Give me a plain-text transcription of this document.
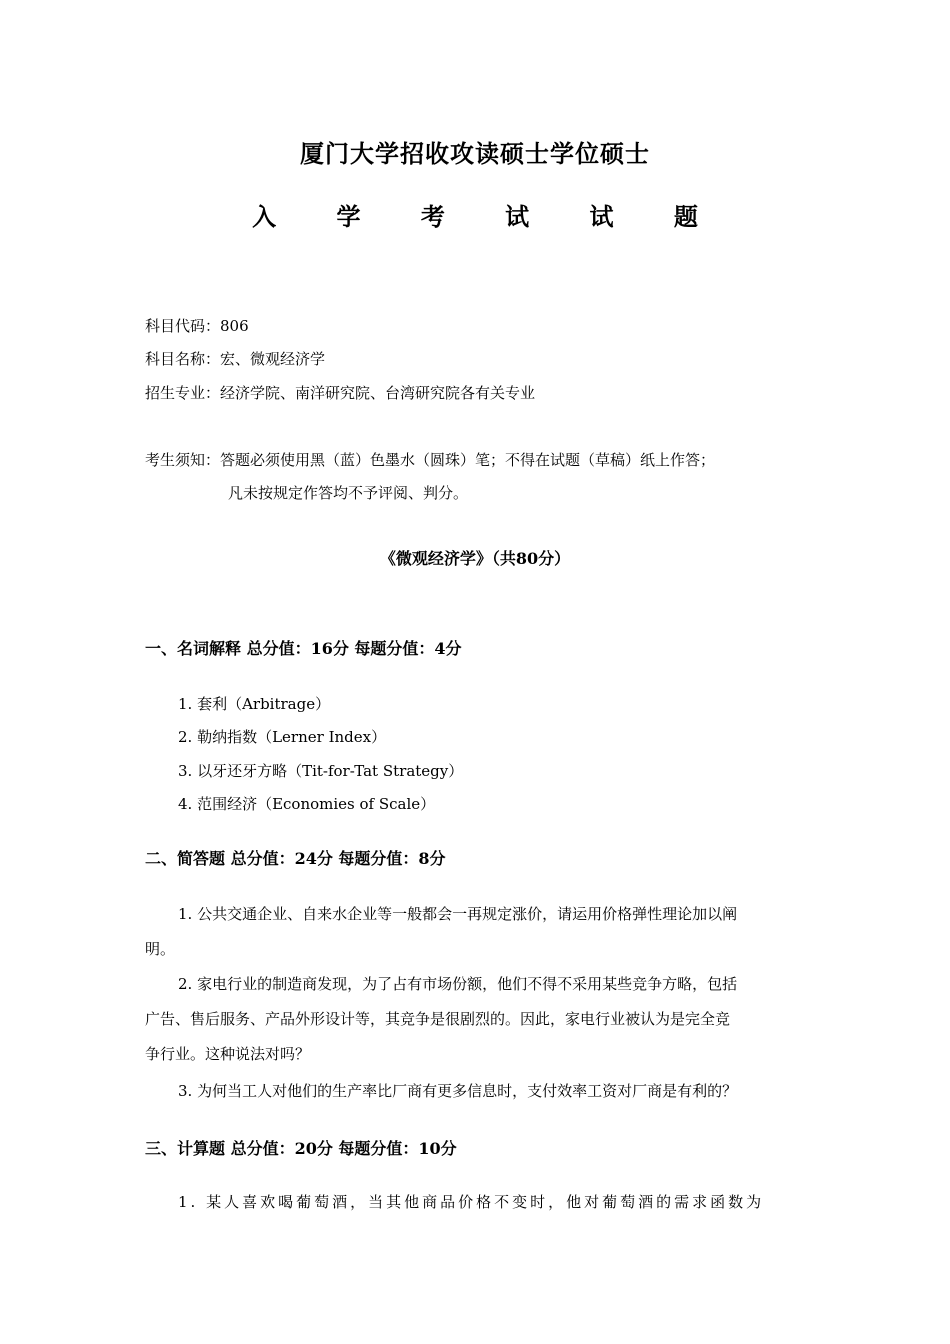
厦门大学招收攻读硕士学位硕士
入 学 考 试 试 题
科目代码：806
科目名称：宏、微观经济学
招生专业：经济学院、南洋研究院、台湾研究院各有关专业
考生须知：答题必须使用黑（蓝）色墨水（圆珠）笔；不得在试题（草稿）纸上作答；
凡未按规定作答均不予评阅、判分。
《微观经济学》（共80分）
一、名词解释 总分值：16分 每题分值：4分
1. 套利（Arbitrage）
2. 勒纳指数（Lerner Index）
3. 以牙还牙方略（Tit-for-Tat Strategy）
4. 范围经济（Economies of Scale）
二、简答题 总分值：24分 每题分值：8分
1. 公共交通企业、自来水企业等一般都会一再规定涨价，请运用价格弹性理论加以阐
明。
2. 家电行业的制造商发现，为了占有市场份额，他们不得不采用某些竞争方略，包括
广告、售后服务、产品外形设计等，其竞争是很剧烈的。因此，家电行业被认为是完全竞
争行业。这种说法对吗？
3. 为何当工人对他们的生产率比厂商有更多信息时，支付效率工资对厂商是有利的？
三、计算题 总分值：20分 每题分值：10分
1. 某人喜欢喝葡萄酒，当其他商品价格不变时，他对葡萄酒的需求函数为
